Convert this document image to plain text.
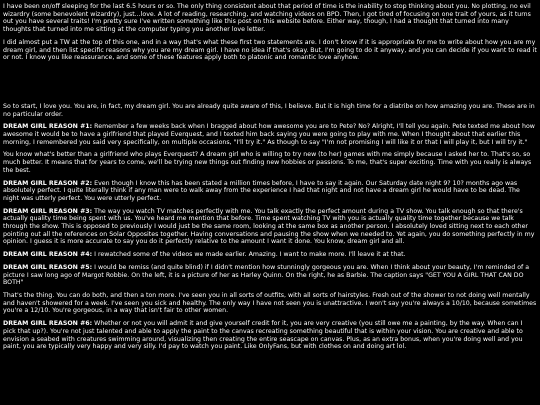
I have been on/off sleeping for the last 6.5 hours or so. The only thing consistent about that period of time is the inability to stop thinking about you. No plotting, no evil wizardry (some benevolent wizardry), just...love. A lot of reading, researching, and watching videos on BPD. Then, I got tired of focusing on one trait of yours, as it turns out you have several traits! I'm pretty sure I've written something like this post on this website before. Either way, though, I had a thought that turned into many thoughts that turned into me sitting at the computer typing you another love letter.

I did almost put a TW at the top of this one, and in a way that's what these first two statements are. I don't know if it is appropriate for me to write about how you are my dream girl, and then list specific reasons why you are my dream girl. I have no idea if that's okay. But, I'm going to do it anyway, and you can decide if you want to read it or not. I know you like reassurance, and some of these features apply both to platonic and romantic love anyhow.

So to start, I love you. You are, in fact, my dream girl. You are already quite aware of this, I believe. But it is high time for a diatribe on how amazing you are. These are in no particular order.

DREAM GIRL REASON #1: Remember a few weeks back when I bragged about how awesome you are to Pete? No? Alright, I'll tell you again. Pete texted me about how awesome it would be to have a girlfriend that played Everquest, and I texted him back saying you were going to play with me. When I thought about that earlier this morning, I remembered you said very specifically, on multiple occasions, "I'll try it." As though to say "I'm not promising I will like it or that I will play it, but I will try it."

You know what's better than a girlfriend who plays Everquest? A dream girl who is willing to try new (to her) games with me simply because I asked her to. That's so, so much better. It means that for years to come, we'll be trying new things out finding new hobbies or passions. To me, that's super exciting. Time with you really is always the best.

DREAM GIRL REASON #2: Even though I know this has been stated a million times before, I have to say it again. Our Saturday date night 9? 10? months ago was absolutely perfect. I quite literally think if any man were to walk away from the experience I had that night and not have a dream girl he would have to be dead. The night was utterly perfect. You were utterly perfect.

DREAM GIRL REASON #3: The way you watch TV matches perfectly with me. You talk exactly the perfect amount during a TV show. You talk enough so that there's actually quality time being spent with us. You've heard me mention that before. Time spent watching TV with you is actually quality time together because we talk through the show. This is opposed to previously I would just be the same room, looking at the same box as another person. I absolutely loved sitting next to each other pointing out all the references on Solar Opposites together. Having conversations and pausing the show when we needed to. Yet again, you do something perfectly in my opinion. I guess it is more accurate to say you do it perfectly relative to the amount I want it done. You know, dream girl and all.

DREAM GIRL REASON #4: I rewatched some of the videos we made earlier. Amazing. I want to make more. I'll leave it at that.

DREAM GIRL REASON #5: I would be remiss (and quite blind) if I didn't mention how stunningly gorgeous you are. When I think about your beauty, I'm reminded of a picture I saw long ago of Margot Robbie. On the left, it is a picture of her as Harley Quinn. On the right, he as Barbie. The caption says "GET YOU A GIRL THAT CAN DO BOTH"

That's the thing. You can do both, and then a ton more. I've seen you in all sorts of outfits, with all sorts of hairstyles. Fresh out of the shower to not doing well mentally and haven't showered for a week. I've seen you sick and healthy. The only way I have not seen you is unattractive. I won't say you're always a 10/10, because sometimes you're a 12/10. You're gorgeous, in a way that isn't fair to other women.

DREAM GIRL REASON #6: Whether or not you will admit it and give yourself credit for it, you are very creative (you still owe me a painting, by the way. When can I pick that up?). You're not just talented and able to apply the paint to the canvas recreating something beautiful that is within your vision. You are creative and able to envision a seabed with creatures swimming around, visualizing then creating the entire seascape on canvas. Plus, as an extra bonus, when you're doing well and you paint, you are typically very happy and very silly. I'd pay to watch you paint. Like OnlyFans, but with clothes on and doing art lol.
